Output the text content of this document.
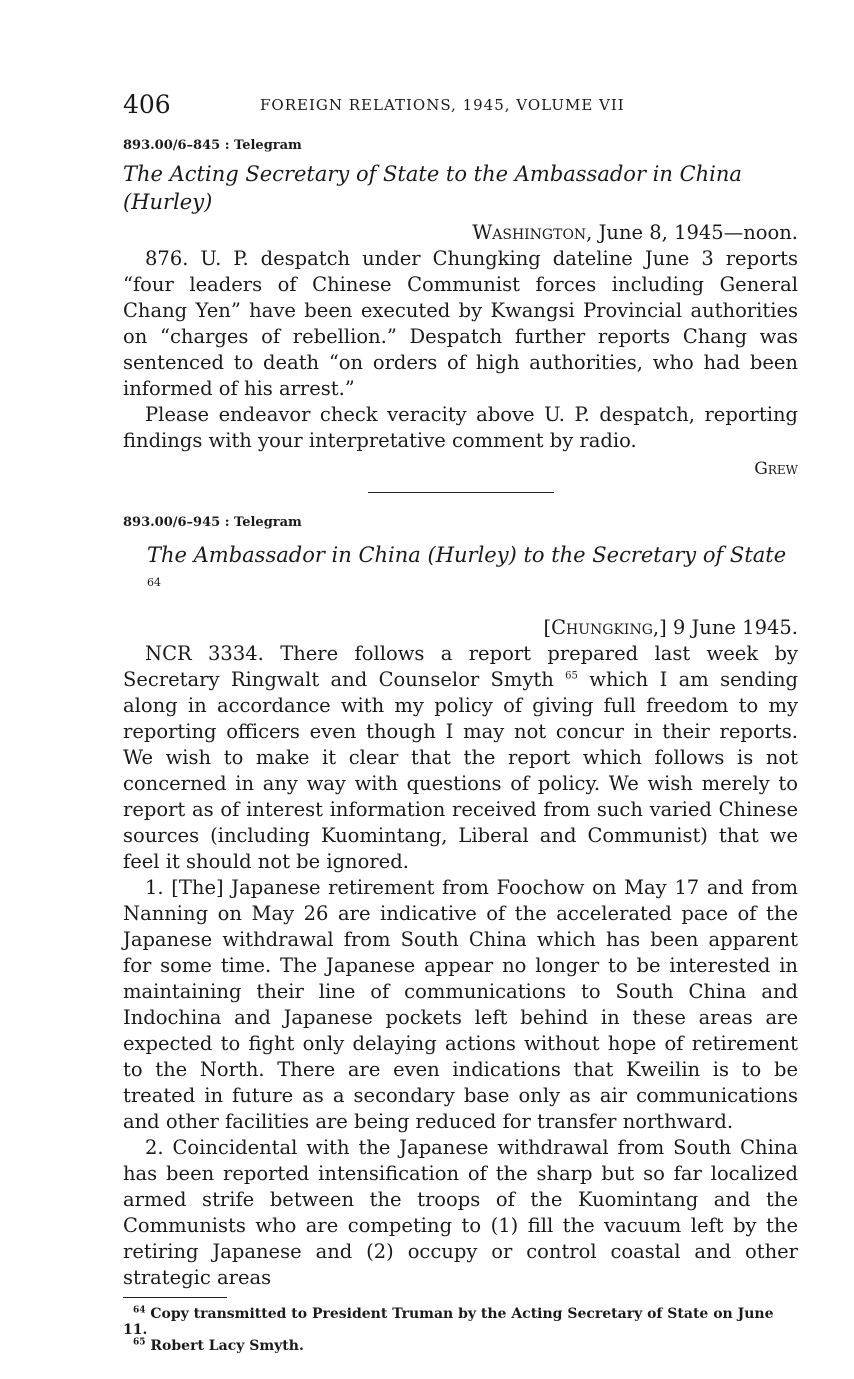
406	FOREIGN RELATIONS, 1945, VOLUME VII
893.00/6–845 : Telegram
The Acting Secretary of State to the Ambassador in China (Hurley)
Washington, June 8, 1945—noon.

876. U. P. despatch under Chungking dateline June 3 reports “four leaders of Chinese Communist forces including General Chang Yen” have been executed by Kwangsi Provincial authorities on “charges of rebellion.” Despatch further reports Chang was sentenced to death “on orders of high authorities, who had been informed of his arrest.”

Please endeavor check veracity above U. P. despatch, reporting findings with your interpretative comment by radio.

Grew
893.00/6–945 : Telegram
The Ambassador in China (Hurley) to the Secretary of State $^{64}$
[Chungking,] 9 June 1945.

NCR 3334. There follows a report prepared last week by Secretary Ringwalt and Counselor Smyth $^{65}$ which I am sending along in accordance with my policy of giving full freedom to my reporting officers even though I may not concur in their reports. We wish to make it clear that the report which follows is not concerned in any way with questions of policy. We wish merely to report as of interest information received from such varied Chinese sources (including Kuomintang, Liberal and Communist) that we feel it should not be ignored.

1. [The] Japanese retirement from Foochow on May 17 and from Nanning on May 26 are indicative of the accelerated pace of the Japanese withdrawal from South China which has been apparent for some time. The Japanese appear no longer to be interested in maintaining their line of communications to South China and Indochina and Japanese pockets left behind in these areas are expected to fight only delaying actions without hope of retirement to the North. There are even indications that Kweilin is to be treated in future as a secondary base only as air communications and other facilities are being reduced for transfer northward.

2. Coincidental with the Japanese withdrawal from South China has been reported intensification of the sharp but so far localized armed strife between the troops of the Kuomintang and the Communists who are competing to (1) fill the vacuum left by the retiring Japanese and (2) occupy or control coastal and other strategic areas

$^{64}$ Copy transmitted to President Truman by the Acting Secretary of State on June 11.
$^{65}$ Robert Lacy Smyth.
